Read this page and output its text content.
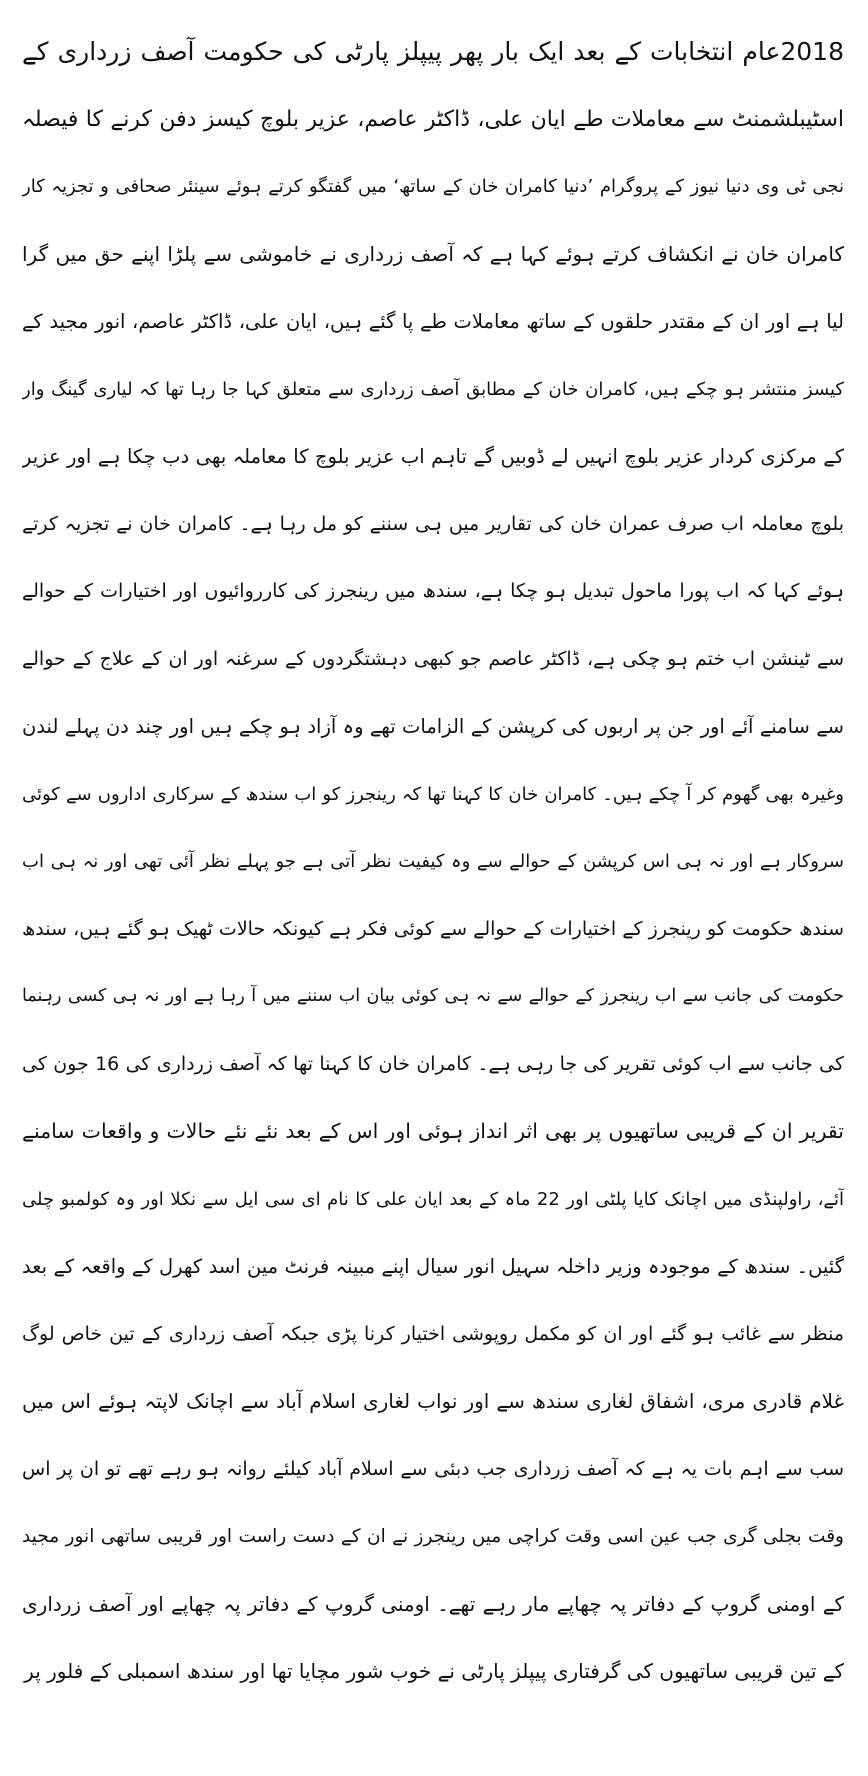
2018عام انتخابات کے بعد ایک بار پھر پیپلز پارٹی کی حکومت آصف زرداری کے
اسٹیبلشمنٹ سے معاملات طے ایان علی، ڈاکٹر عاصم، عزیر بلوچ کیسز دفن کرنے کا فیصلہ
نجی ٹی وی دنیا نیوز کے پروگرام ’دنیا کامران خان کے ساتھ‘ میں گفتگو کرتے ہوئے سینئر صحافی و تجزیہ کار
کامران خان نے انکشاف کرتے ہوئے کہا ہے کہ آصف زرداری نے خاموشی سے پلڑا اپنے حق میں گرا
لیا ہے اور ان کے مقتدر حلقوں کے ساتھ معاملات طے پا گئے ہیں، ایان علی، ڈاکٹر عاصم، انور مجید کے
کیسز منتشر ہو چکے ہیں، کامران خان کے مطابق آصف زرداری سے متعلق کہا جا رہا تھا کہ لیاری گینگ وار
کے مرکزی کردار عزیر بلوچ انہیں لے ڈوبیں گے تاہم اب عزیر بلوچ کا معاملہ بھی دب چکا ہے اور عزیر
بلوچ معاملہ اب صرف عمران خان کی تقاریر میں ہی سننے کو مل رہا ہے۔ کامران خان نے تجزیہ کرتے
ہوئے کہا کہ اب پورا ماحول تبدیل ہو چکا ہے، سندھ میں رینجرز کی کارروائیوں اور اختیارات کے حوالے
سے ٹینشن اب ختم ہو چکی ہے، ڈاکٹر عاصم جو کبھی دہشتگردوں کے سرغنہ اور ان کے علاج کے حوالے
سے سامنے آئے اور جن پر اربوں کی کرپشن کے الزامات تھے وہ آزاد ہو چکے ہیں اور چند دن پہلے لندن
وغیرہ بھی گھوم کر آ چکے ہیں۔ کامران خان کا کہنا تھا کہ رینجرز کو اب سندھ کے سرکاری اداروں سے کوئی
سروکار ہے اور نہ ہی اس کرپشن کے حوالے سے وہ کیفیت نظر آتی ہے جو پہلے نظر آئی تھی اور نہ ہی اب
سندھ حکومت کو رینجرز کے اختیارات کے حوالے سے کوئی فکر ہے کیونکہ حالات ٹھیک ہو گئے ہیں، سندھ
حکومت کی جانب سے اب رینجرز کے حوالے سے نہ ہی کوئی بیان اب سننے میں آ رہا ہے اور نہ ہی کسی رہنما
کی جانب سے اب کوئی تقریر کی جا رہی ہے۔ کامران خان کا کہنا تھا کہ آصف زرداری کی 16 جون کی
تقریر ان کے قریبی ساتھیوں پر بھی اثر انداز ہوئی اور اس کے بعد نئے نئے حالات و واقعات سامنے
آئے، راولپنڈی میں اچانک کایا پلٹی اور 22 ماہ کے بعد ایان علی کا نام ای سی ایل سے نکلا اور وہ کولمبو چلی
گئیں۔ سندھ کے موجودہ وزیر داخلہ سہیل انور سیال اپنے مبینہ فرنٹ مین اسد کھرل کے واقعہ کے بعد
منظر سے غائب ہو گئے اور ان کو مکمل روپوشی اختیار کرنا پڑی جبکہ آصف زرداری کے تین خاص لوگ
غلام قادری مری، اشفاق لغاری سندھ سے اور نواب لغاری اسلام آباد سے اچانک لاپتہ ہوئے اس میں
سب سے اہم بات یہ ہے کہ آصف زرداری جب دبئی سے اسلام آباد کیلئے روانہ ہو رہے تھے تو ان پر اس
وقت بجلی گری جب عین اسی وقت کراچی میں رینجرز نے ان کے دست راست اور قریبی ساتھی انور مجید
کے اومنی گروپ کے دفاتر پہ چھاپے مار رہے تھے۔ اومنی گروپ کے دفاتر پہ چھاپے اور آصف زرداری
کے تین قریبی ساتھیوں کی گرفتاری پیپلز پارٹی نے خوب شور مچایا تھا اور سندھ اسمبلی کے فلور پر
